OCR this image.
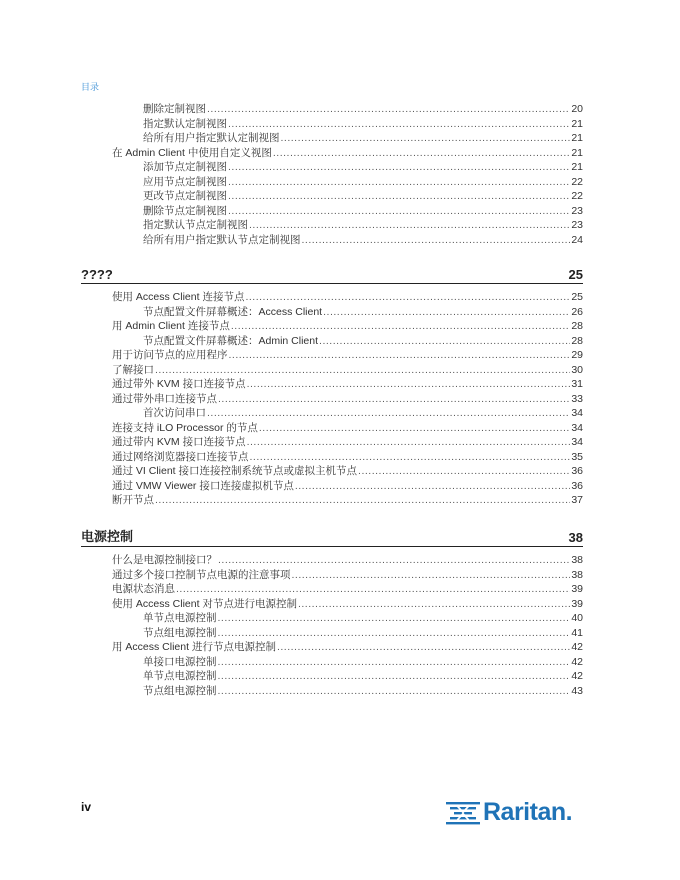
目录
删除定制视图 .....	20
指定默认定制视图 .....	21
给所有用户指定默认定制视图 .....	21
在 Admin Client 中使用自定义视图 .....	21
添加节点定制视图 .....	21
应用节点定制视图 .....	22
更改节点定制视图 .....	22
删除节点定制视图 .....	23
指定默认节点定制视图 .....	23
给所有用户指定默认节点定制视图 .....	24
????	25
使用 Access Client 连接节点 .....	25
节点配置文件屏幕概述：Access Client .....	26
用 Admin Client 连接节点 .....	28
节点配置文件屏幕概述：Admin Client .....	28
用于访问节点的应用程序 .....	29
了解接口 .....	30
通过带外 KVM 接口连接节点 .....	31
通过带外串口连接节点 .....	33
首次访问串口 .....	34
连接支持 iLO Processor 的节点 .....	34
通过带内 KVM 接口连接节点 .....	34
通过网络浏览器接口连接节点 .....	35
通过 VI Client 接口连接控制系统节点或虚拟主机节点 .....	36
通过 VMW Viewer 接口连接虚拟机节点 .....	36
断开节点 .....	37
电源控制	38
什么是电源控制接口？ .....	38
通过多个接口控制节点电源的注意事项 .....	38
电源状态消息 .....	39
使用 Access Client 对节点进行电源控制 .....	39
单节点电源控制 .....	40
节点组电源控制 .....	41
用 Access Client 进行节点电源控制 .....	42
单接口电源控制 .....	42
单节点电源控制 .....	42
节点组电源控制 .....	43
iv	Raritan.
